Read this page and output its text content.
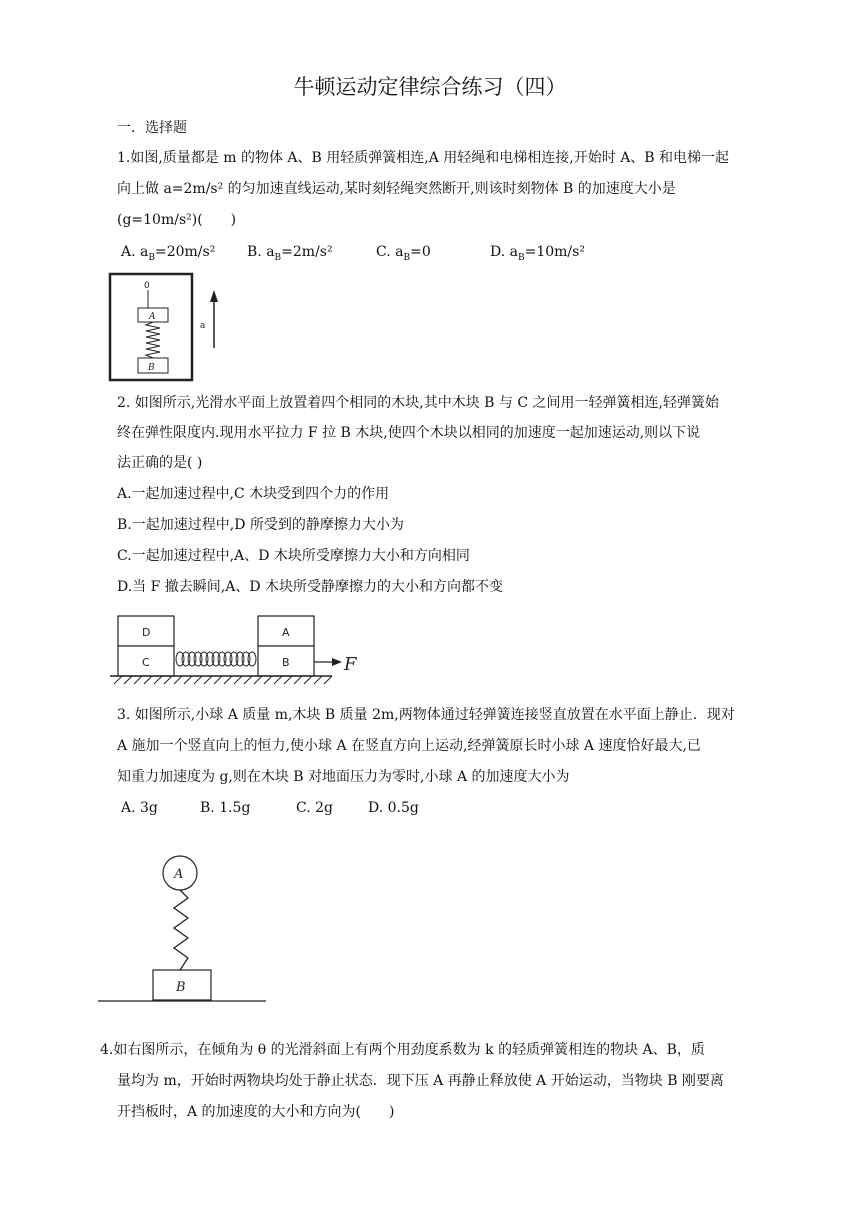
牛顿运动定律综合练习（四）
一．选择题
1.如图,质量都是 m 的物体 A、B 用轻质弹簧相连,A 用轻绳和电梯相连接,开始时 A、B 和电梯一起
向上做 a=2m/s² 的匀加速直线运动,某时刻轻绳突然断开,则该时刻物体 B 的加速度大小是
(g=10m/s²)(　　)
A. $a_B=20m/s^2$ B. $a_B=2m/s^2$	C. $a_B=0$	D. $a_B=10m/s^2$
0
A
B
a
2. 如图所示,光滑水平面上放置着四个相同的木块,其中木块 B 与 C 之间用一轻弹簧相连,轻弹簧始
终在弹性限度内.现用水平拉力 F 拉 B 木块,使四个木块以相同的加速度一起加速运动,则以下说
法正确的是( )
A.一起加速过程中,C 木块受到四个力的作用
B.一起加速过程中,D 所受到的静摩擦力大小为
C.一起加速过程中,A、D 木块所受摩擦力大小和方向相同
D.当 F 撤去瞬间,A、D 木块所受静摩擦力的大小和方向都不变
D
C
A
B	F
3. 如图所示,小球 A 质量 m,木块 B 质量 2m,两物体通过轻弹簧连接竖直放置在水平面上静止．现对
A 施加一个竖直向上的恒力,使小球 A 在竖直方向上运动,经弹簧原长时小球 A 速度恰好最大,已
知重力加速度为 g,则在木块 B 对地面压力为零时,小球 A 的加速度大小为
A. 3g	B. 1.5g	C. 2g	D. 0.5g
A
B
4.如右图所示，在倾角为 θ 的光滑斜面上有两个用劲度系数为 k 的轻质弹簧相连的物块 A、B，质
量均为 m，开始时两物块均处于静止状态．现下压 A 再静止释放使 A 开始运动，当物块 B 刚要离
开挡板时，A 的加速度的大小和方向为(　　)
